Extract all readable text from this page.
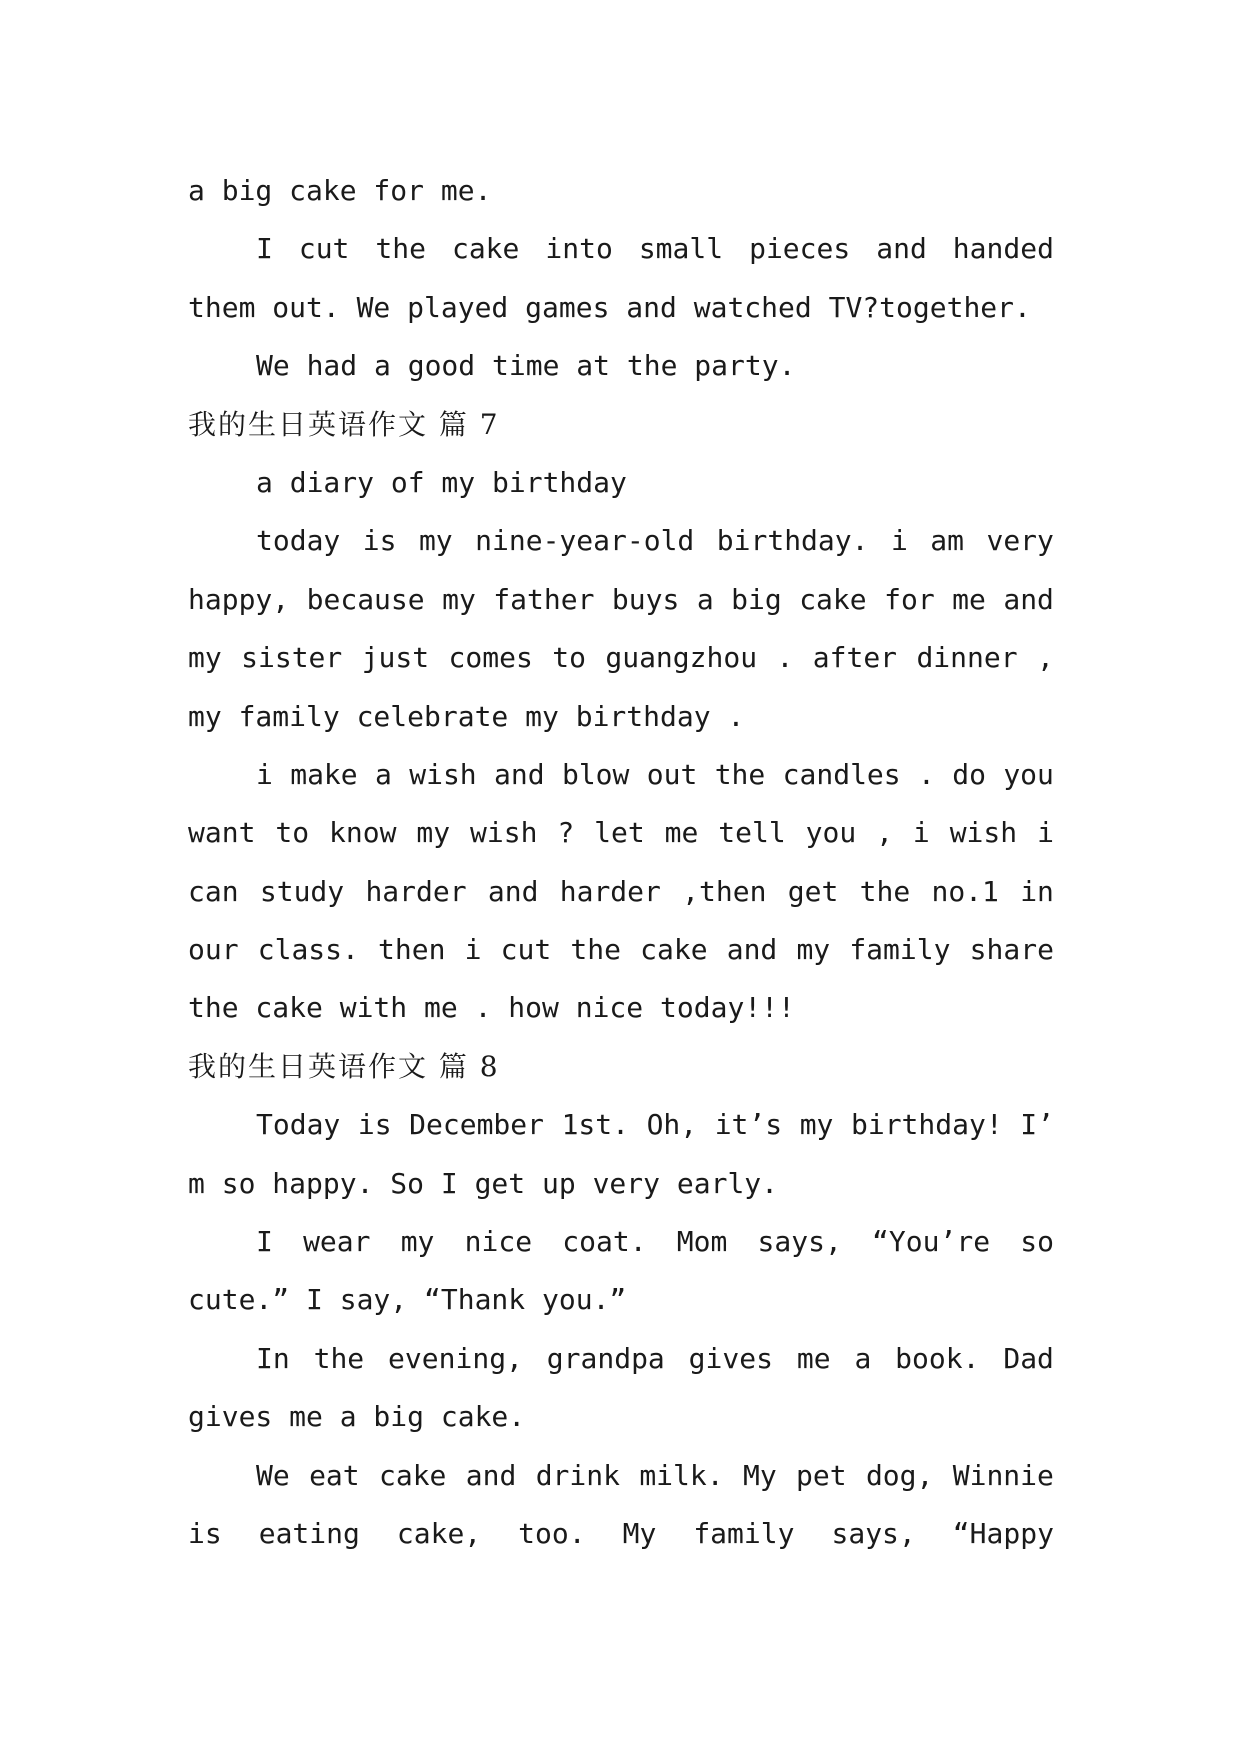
a big cake for me.
I cut the cake into small pieces and handed
them out. We played games and watched TV?together.
We had a good time at the party.
我的生日英语作文 篇 7
a diary of my birthday
today is my nine-year-old birthday. i am very
happy, because my father buys a big cake for me and
my sister just comes to guangzhou . after dinner ,
my family celebrate my birthday .
i make a wish and blow out the candles . do you
want to know my wish ? let me tell you , i wish i
can study harder and harder ,then get the no.1 in
our class. then i cut the cake and my family share
the cake with me . how nice today!!!
我的生日英语作文 篇 8
Today is December 1st. Oh, it’s my birthday! I’
m so happy. So I get up very early.
I wear my nice coat. Mom says, “You’re so
cute.” I say, “Thank you.”
In the evening, grandpa gives me a book. Dad
gives me a big cake.
We eat cake and drink milk. My pet dog, Winnie
is eating cake, too. My family says, “Happy
